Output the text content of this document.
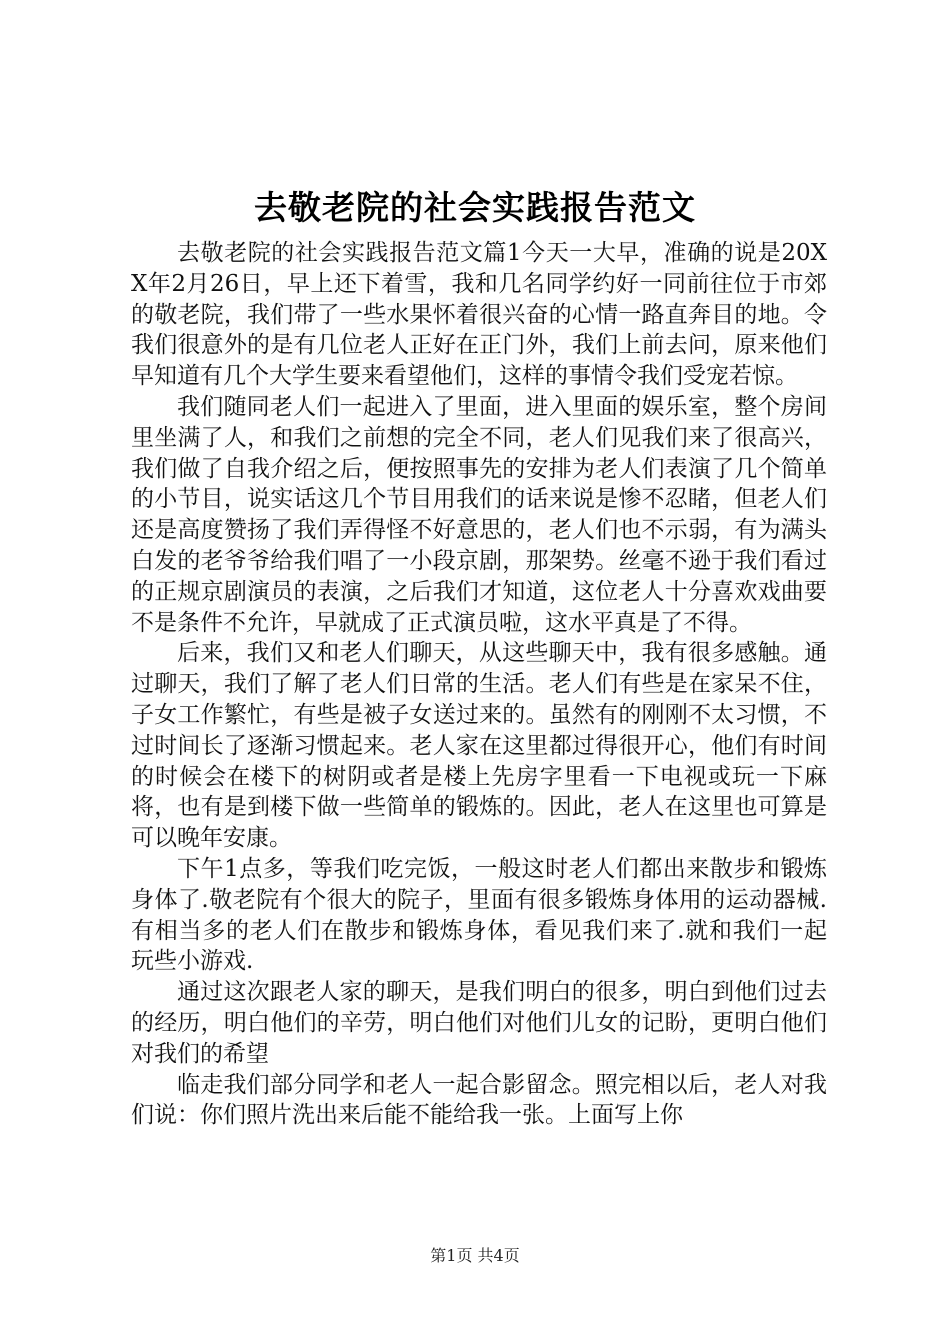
去敬老院的社会实践报告范文

去敬老院的社会实践报告范文篇1今天一大早，准确的说是20XX年2月26日，早上还下着雪，我和几名同学约好一同前往位于市郊的敬老院，我们带了一些水果怀着很兴奋的心情一路直奔目的地。令我们很意外的是有几位老人正好在正门外，我们上前去问，原来他们早知道有几个大学生要来看望他们，这样的事情令我们受宠若惊。

我们随同老人们一起进入了里面，进入里面的娱乐室，整个房间里坐满了人，和我们之前想的完全不同，老人们见我们来了很高兴，我们做了自我介绍之后，便按照事先的安排为老人们表演了几个简单的小节目，说实话这几个节目用我们的话来说是惨不忍睹，但老人们还是高度赞扬了我们弄得怪不好意思的，老人们也不示弱，有为满头白发的老爷爷给我们唱了一小段京剧，那架势。丝毫不逊于我们看过的正规京剧演员的表演，之后我们才知道，这位老人十分喜欢戏曲要不是条件不允许，早就成了正式演员啦，这水平真是了不得。

后来，我们又和老人们聊天，从这些聊天中，我有很多感触。通过聊天，我们了解了老人们日常的生活。老人们有些是在家呆不住，子女工作繁忙，有些是被子女送过来的。虽然有的刚刚不太习惯，不过时间长了逐渐习惯起来。老人家在这里都过得很开心，他们有时间的时候会在楼下的树阴或者是楼上先房字里看一下电视或玩一下麻将，也有是到楼下做一些简单的锻炼的。因此，老人在这里也可算是可以晚年安康。

下午1点多，等我们吃完饭，一般这时老人们都出来散步和锻炼身体了.敬老院有个很大的院子，里面有很多锻炼身体用的运动器械.有相当多的老人们在散步和锻炼身体，看见我们来了.就和我们一起玩些小游戏.

通过这次跟老人家的聊天，是我们明白的很多，明白到他们过去的经历，明白他们的辛劳，明白他们对他们儿女的记盼，更明白他们对我们的希望

临走我们部分同学和老人一起合影留念。照完相以后，老人对我们说：你们照片洗出来后能不能给我一张。上面写上你

第1页 共4页
